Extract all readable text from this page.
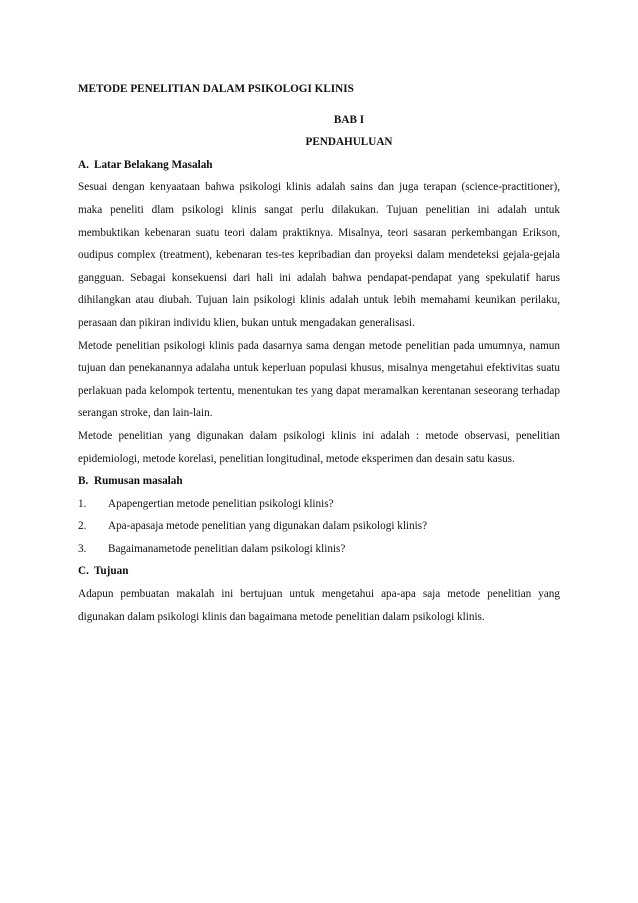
METODE PENELITIAN DALAM PSIKOLOGI KLINIS

BAB I

PENDAHULUAN

A. Latar Belakang Masalah

Sesuai dengan kenyaataan bahwa psikologi klinis adalah sains dan juga terapan (science-practitioner), maka peneliti dlam psikologi klinis sangat perlu dilakukan. Tujuan penelitian ini adalah untuk membuktikan kebenaran suatu teori dalam praktiknya. Misalnya, teori sasaran perkembangan Erikson, oudipus complex (treatment), kebenaran tes-tes kepribadian dan proyeksi dalam mendeteksi gejala-gejala gangguan. Sebagai konsekuensi dari hali ini adalah bahwa pendapat-pendapat yang spekulatif harus dihilangkan atau diubah. Tujuan lain psikologi klinis adalah untuk lebih memahami keunikan perilaku, perasaan dan pikiran individu klien, bukan untuk mengadakan generalisasi.

Metode penelitian psikologi klinis pada dasarnya sama dengan metode penelitian pada umumnya, namun tujuan dan penekanannya adalaha untuk keperluan populasi khusus, misalnya mengetahui efektivitas suatu perlakuan pada kelompok tertentu, menentukan tes yang dapat meramalkan kerentanan seseorang terhadap serangan stroke, dan lain-lain.

Metode penelitian yang digunakan dalam psikologi klinis ini adalah : metode observasi, penelitian epidemiologi, metode korelasi, penelitian longitudinal, metode eksperimen dan desain satu kasus.

B. Rumusan masalah

1.	Apapengertian metode penelitian psikologi klinis?
2.	Apa-apasaja metode penelitian yang digunakan dalam psikologi klinis?
3.	Bagaimanametode penelitian dalam psikologi klinis?

C. Tujuan

Adapun pembuatan makalah ini bertujuan untuk mengetahui apa-apa saja metode penelitian yang digunakan dalam psikologi klinis dan bagaimana metode penelitian dalam psikologi klinis.
